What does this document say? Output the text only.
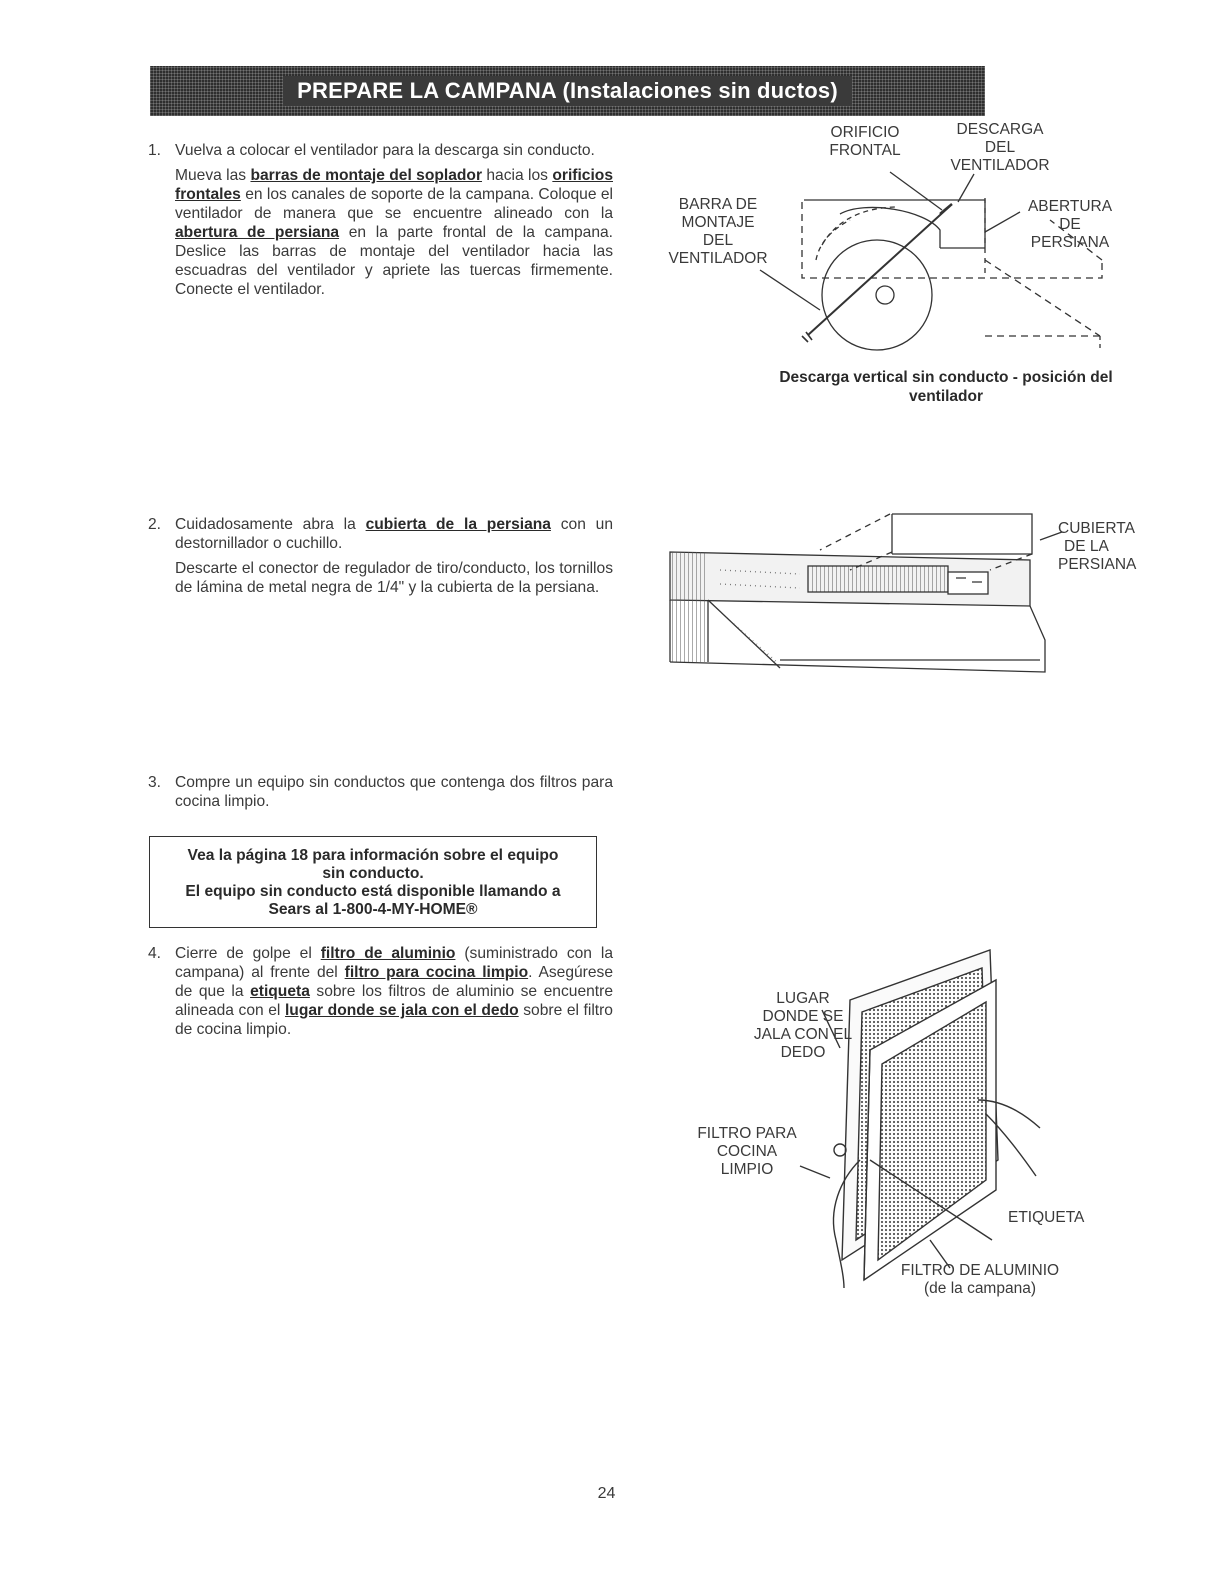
PREPARE LA CAMPANA (Instalaciones sin ductos)
1. Vuelva a colocar el ventilador para la descarga sin conducto.

Mueva las barras de montaje del soplador hacia los orificios frontales en los canales de soporte de la campana. Coloque el ventilador de manera que se encuentre alineado con la abertura de persiana en la parte frontal de la campana. Deslice las barras de montaje del ventilador hacia las escuadras del ventilador y apriete las tuercas firmemente. Conecte el ventilador.

2. Cuidadosamente abra la cubierta de la persiana con un destornillador o cuchillo.

Descarte el conector de regulador de tiro/conducto, los tornillos de lámina de metal negra de 1/4" y la cubierta de la persiana.

3. Compre un equipo sin conductos que contenga dos filtros para cocina limpio.

Vea la página 18 para información sobre el equipo
sin conducto.
El equipo sin conducto está disponible llamando a
Sears al 1-800-4-MY-HOME®
4. Cierre de golpe el filtro de aluminio (suministrado con la campana) al frente del filtro para cocina limpio. Asegúrese de que la etiqueta sobre los filtros de aluminio se encuentre alineada con el lugar donde se jala con el dedo sobre el filtro de cocina limpio.

ORIFICIO
FRONTAL
DESCARGA
DEL
VENTILADOR
BARRA DE
MONTAJE
DEL
VENTILADOR
ABERTURA
DE
PERSIANA
Descarga vertical sin conducto - posición del
ventilador
CUBIERTA
DE LA
PERSIANA
LUGAR
DONDE SE
JALA CON EL
DEDO
FILTRO PARA
COCINA
LIMPIO
ETIQUETA
FILTRO DE ALUMINIO
(de la campana)
24
